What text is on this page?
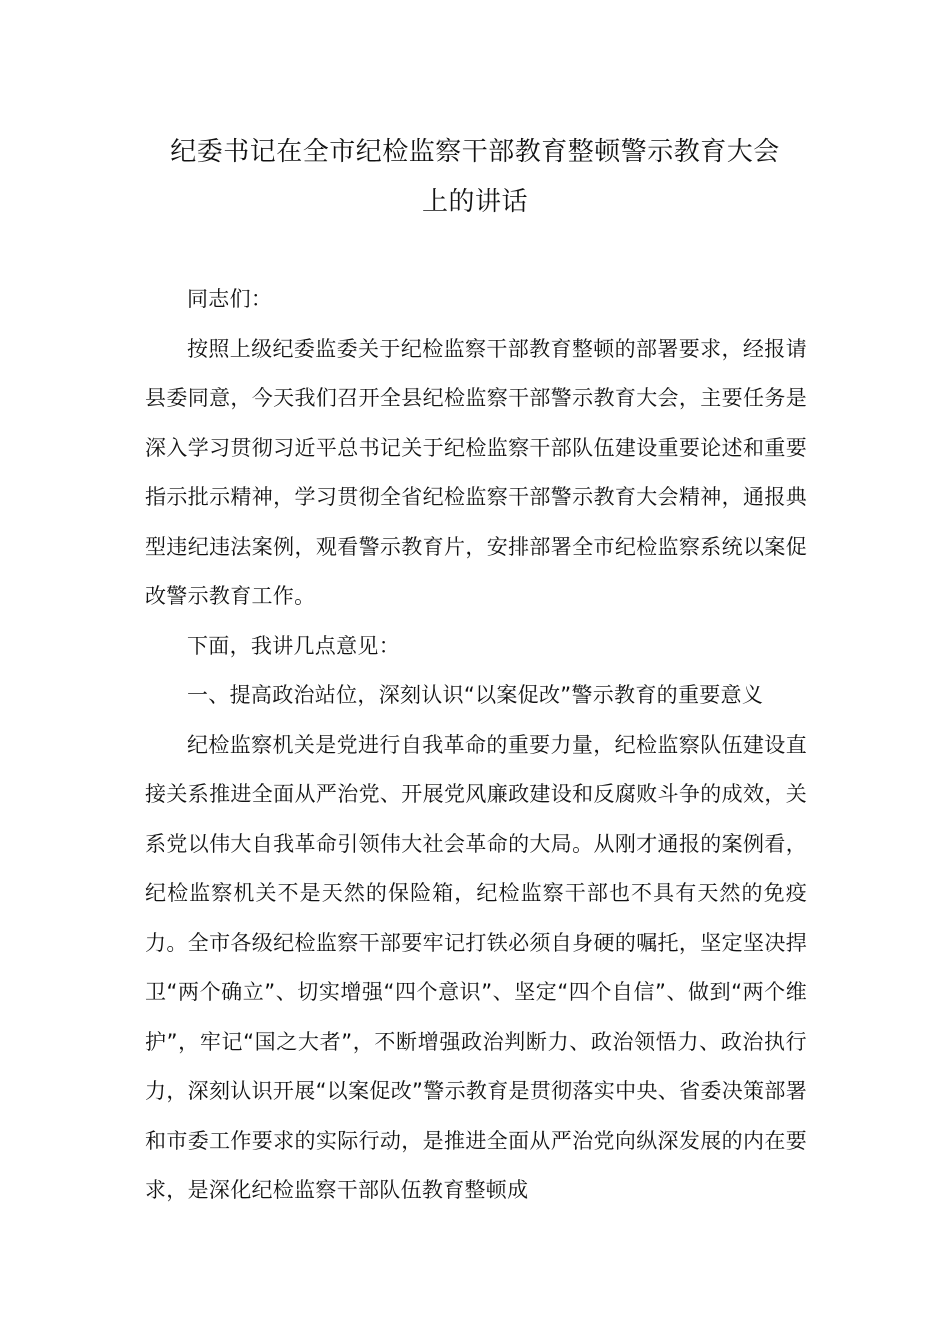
纪委书记在全市纪检监察干部教育整顿警示教育大会
上的讲话

同志们：

按照上级纪委监委关于纪检监察干部教育整顿的部署要求，经报请县委同意，今天我们召开全县纪检监察干部警示教育大会，主要任务是深入学习贯彻习近平总书记关于纪检监察干部队伍建设重要论述和重要指示批示精神，学习贯彻全省纪检监察干部警示教育大会精神，通报典型违纪违法案例，观看警示教育片，安排部署全市纪检监察系统以案促改警示教育工作。

下面，我讲几点意见：

一、提高政治站位，深刻认识“以案促改”警示教育的重要意义

纪检监察机关是党进行自我革命的重要力量，纪检监察队伍建设直接关系推进全面从严治党、开展党风廉政建设和反腐败斗争的成效，关系党以伟大自我革命引领伟大社会革命的大局。从刚才通报的案例看，纪检监察机关不是天然的保险箱，纪检监察干部也不具有天然的免疫力。全市各级纪检监察干部要牢记打铁必须自身硬的嘱托，坚定坚决捍卫“两个确立”、切实增强“四个意识”、坚定“四个自信”、做到“两个维护”，牢记“国之大者”，不断增强政治判断力、政治领悟力、政治执行力，深刻认识开展“以案促改”警示教育是贯彻落实中央、省委决策部署和市委工作要求的实际行动，是推进全面从严治党向纵深发展的内在要求，是深化纪检监察干部队伍教育整顿成
